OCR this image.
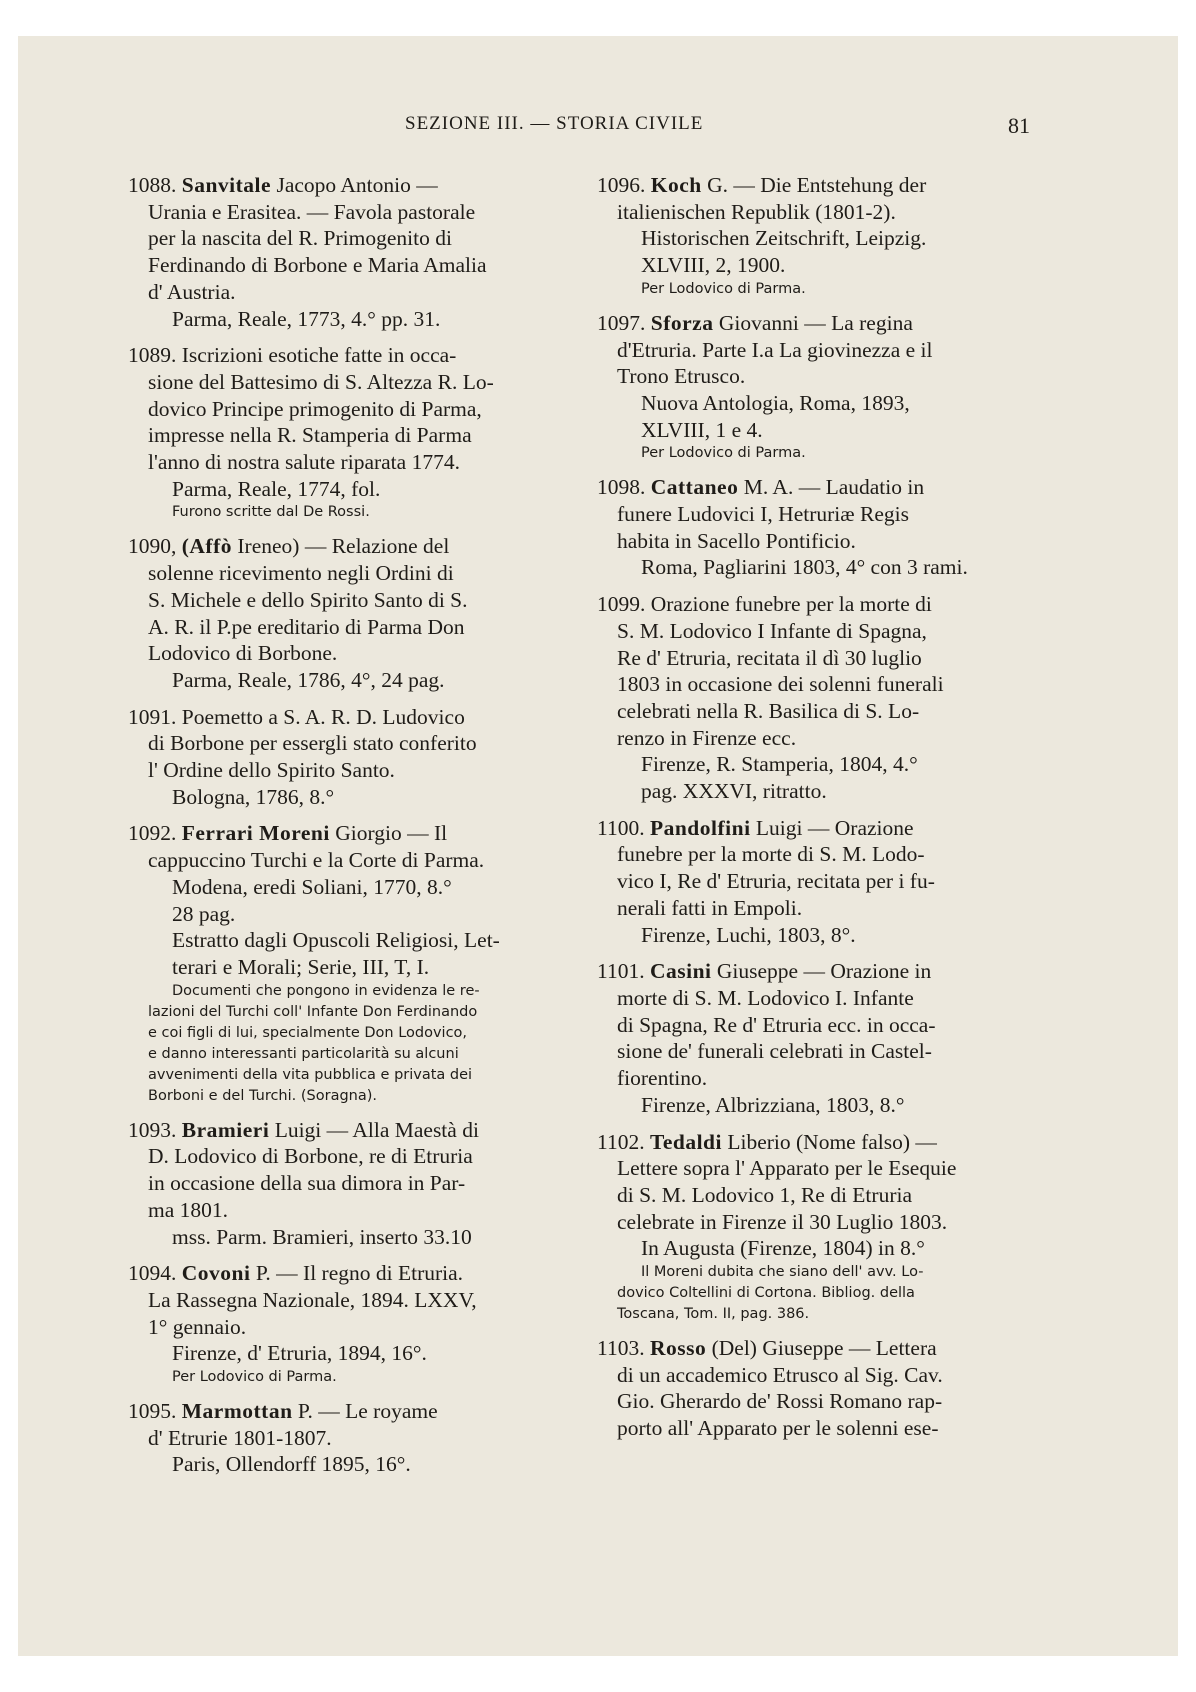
SEZIONE III. — STORIA CIVILE	81
1088. Sanvitale Jacopo Antonio —
Urania e Erasitea. — Favola pastorale
per la nascita del R. Primogenito di
Ferdinando di Borbone e Maria Amalia
d' Austria.
Parma, Reale, 1773, 4.° pp. 31.
1089. Iscrizioni esotiche fatte in occa-
sione del Battesimo di S. Altezza R. Lo-
dovico Principe primogenito di Parma,
impresse nella R. Stamperia di Parma
l'anno di nostra salute riparata 1774.
Parma, Reale, 1774, fol.
Furono scritte dal De Rossi.
1090, (Affò Ireneo) — Relazione del
solenne ricevimento negli Ordini di
S. Michele e dello Spirito Santo di S.
A. R. il P.pe ereditario di Parma Don
Lodovico di Borbone.
Parma, Reale, 1786, 4°, 24 pag.
1091. Poemetto a S. A. R. D. Ludovico
di Borbone per essergli stato conferito
l' Ordine dello Spirito Santo.
Bologna, 1786, 8.°
1092. Ferrari Moreni Giorgio — Il
cappuccino Turchi e la Corte di Parma.
Modena, eredi Soliani, 1770, 8.°
28 pag.
Estratto dagli Opuscoli Religiosi, Let-
terari e Morali; Serie, III, T, I.
Documenti che pongono in evidenza le re-
lazioni del Turchi coll' Infante Don Ferdinando
e coi figli di lui, specialmente Don Lodovico,
e danno interessanti particolarità su alcuni
avvenimenti della vita pubblica e privata dei
Borboni e del Turchi. (Soragna).
1093. Bramieri Luigi — Alla Maestà di
D. Lodovico di Borbone, re di Etruria
in occasione della sua dimora in Par-
ma 1801.
mss. Parm. Bramieri, inserto 33.10
1094. Covoni P. — Il regno di Etruria.
La Rassegna Nazionale, 1894. LXXV,
1° gennaio.
Firenze, d' Etruria, 1894, 16°.
Per Lodovico di Parma.
1095. Marmottan P. — Le royame
d' Etrurie 1801-1807.
Paris, Ollendorff 1895, 16°.
1096. Koch G. — Die Entstehung der
italienischen Republik (1801-2).
Historischen Zeitschrift, Leipzig.
XLVIII, 2, 1900.
Per Lodovico di Parma.
1097. Sforza Giovanni — La regina
d'Etruria. Parte I.a La giovinezza e il
Trono Etrusco.
Nuova Antologia, Roma, 1893,
XLVIII, 1 e 4.
Per Lodovico di Parma.
1098. Cattaneo M. A. — Laudatio in
funere Ludovici I, Hetruriæ Regis
habita in Sacello Pontificio.
Roma, Pagliarini 1803, 4° con 3 rami.
1099. Orazione funebre per la morte di
S. M. Lodovico I Infante di Spagna,
Re d' Etruria, recitata il dì 30 luglio
1803 in occasione dei solenni funerali
celebrati nella R. Basilica di S. Lo-
renzo in Firenze ecc.
Firenze, R. Stamperia, 1804, 4.°
pag. XXXVI, ritratto.
1100. Pandolfini Luigi — Orazione
funebre per la morte di S. M. Lodo-
vico I, Re d' Etruria, recitata per i fu-
nerali fatti in Empoli.
Firenze, Luchi, 1803, 8°.
1101. Casini Giuseppe — Orazione in
morte di S. M. Lodovico I. Infante
di Spagna, Re d' Etruria ecc. in occa-
sione de' funerali celebrati in Castel-
fiorentino.
Firenze, Albrizziana, 1803, 8.°
1102. Tedaldi Liberio (Nome falso) —
Lettere sopra l' Apparato per le Esequie
di S. M. Lodovico 1, Re di Etruria
celebrate in Firenze il 30 Luglio 1803.
In Augusta (Firenze, 1804) in 8.°
Il Moreni dubita che siano dell' avv. Lo-
dovico Coltellini di Cortona. Bibliog. della
Toscana, Tom. II, pag. 386.
1103. Rosso (Del) Giuseppe — Lettera
di un accademico Etrusco al Sig. Cav.
Gio. Gherardo de' Rossi Romano rap-
porto all' Apparato per le solenni ese-
